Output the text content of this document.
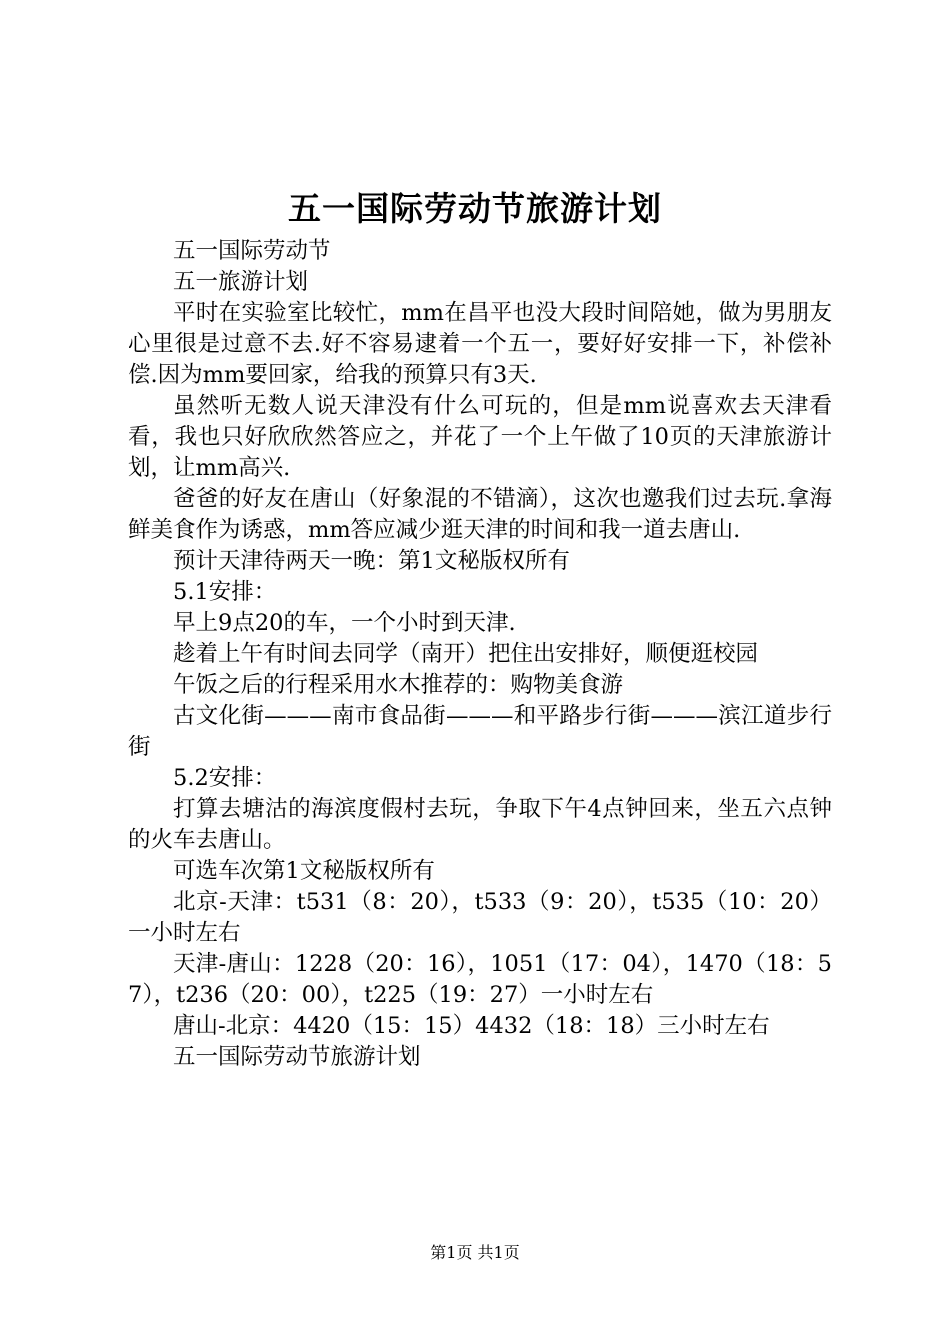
五一国际劳动节旅游计划

五一国际劳动节

五一旅游计划

平时在实验室比较忙，mm在昌平也没大段时间陪她，做为男朋友心里很是过意不去.好不容易逮着一个五一，要好好安排一下，补偿补偿.因为mm要回家，给我的预算只有3天.

虽然听无数人说天津没有什么可玩的，但是mm说喜欢去天津看看，我也只好欣欣然答应之，并花了一个上午做了10页的天津旅游计划，让mm高兴.

爸爸的好友在唐山（好象混的不错滴），这次也邀我们过去玩.拿海鲜美食作为诱惑，mm答应减少逛天津的时间和我一道去唐山.

预计天津待两天一晚：第1文秘版权所有

5.1安排：

早上9点20的车，一个小时到天津.

趁着上午有时间去同学（南开）把住出安排好，顺便逛校园

午饭之后的行程采用水木推荐的：购物美食游

古文化街———南市食品街———和平路步行街———滨江道步行街

5.2安排：

打算去塘沽的海滨度假村去玩，争取下午4点钟回来，坐五六点钟的火车去唐山。

可选车次第1文秘版权所有

北京-天津：t531（8：20），t533（9：20），t535（10：20）一小时左右

天津-唐山：1228（20：16），1051（17：04），1470（18：57），t236（20：00），t225（19：27）一小时左右

唐山-北京：4420（15：15）4432（18：18）三小时左右

五一国际劳动节旅游计划

第1页 共1页
